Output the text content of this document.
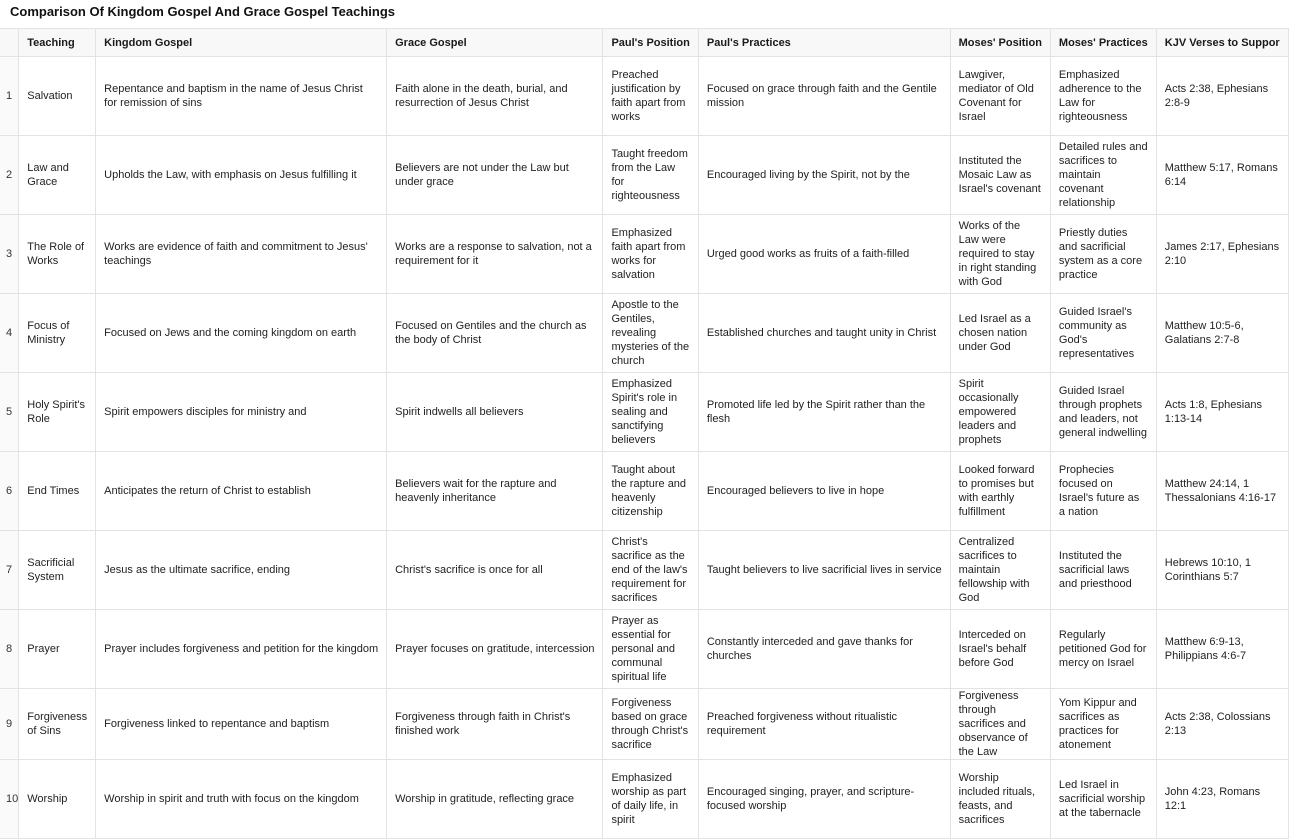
Comparison Of Kingdom Gospel And Grace Gospel Teachings
	Teaching	Kingdom Gospel	Grace Gospel	Paul's Position	Paul's Practices	Moses' Position	Moses' Practices	KJV Verses to Suppor
1	Salvation	Repentance and baptism in the name of Jesus Christ for remission of sins	Faith alone in the death, burial, and resurrection of Jesus Christ	Preached justification by faith apart from works	Focused on grace through faith and the Gentile mission	Lawgiver, mediator of Old Covenant for Israel	Emphasized adherence to the Law for righteousness	Acts 2:38, Ephesians 2:8-9

2	Law and Grace	Upholds the Law, with emphasis on Jesus fulfilling it	Believers are not under the Law but under grace	Taught freedom from the Law for righteousness	Encouraged living by the Spirit, not by the	Instituted the Mosaic Law as Israel's covenant	Detailed rules and sacrifices to maintain covenant relationship	Matthew 5:17, Romans 6:14

3	The Role of Works	Works are evidence of faith and commitment to Jesus' teachings	Works are a response to salvation, not a requirement for it	Emphasized faith apart from works for salvation	Urged good works as fruits of a faith-filled	Works of the Law were required to stay in right standing with God	Priestly duties and sacrificial system as a core practice	James 2:17, Ephesians 2:10

4	Focus of Ministry	Focused on Jews and the coming kingdom on earth	Focused on Gentiles and the church as the body of Christ	Apostle to the Gentiles, revealing mysteries of the church	Established churches and taught unity in Christ	Led Israel as a chosen nation under God	Guided Israel's community as God's representatives	Matthew 10:5-6, Galatians 2:7-8

5	Holy Spirit's Role	Spirit empowers disciples for ministry and	Spirit indwells all believers	Emphasized Spirit's role in sealing and sanctifying believers	Promoted life led by the Spirit rather than the flesh	Spirit occasionally empowered leaders and prophets	Guided Israel through prophets and leaders, not general indwelling	Acts 1:8, Ephesians 1:13-14

6	End Times	Anticipates the return of Christ to establish	Believers wait for the rapture and heavenly inheritance	Taught about the rapture and heavenly citizenship	Encouraged believers to live in hope	Looked forward to promises but with earthly fulfillment	Prophecies focused on Israel's future as a nation	Matthew 24:14, 1 Thessalonians 4:16-17

7	Sacrificial System	Jesus as the ultimate sacrifice, ending	Christ's sacrifice is once for all	Christ's sacrifice as the end of the law's requirement for sacrifices	Taught believers to live sacrificial lives in service	Centralized sacrifices to maintain fellowship with God	Instituted the sacrificial laws and priesthood	Hebrews 10:10, 1 Corinthians 5:7

8	Prayer	Prayer includes forgiveness and petition for the kingdom	Prayer focuses on gratitude, intercession	Prayer as essential for personal and communal spiritual life	Constantly interceded and gave thanks for churches	Interceded on Israel's behalf before God	Regularly petitioned God for mercy on Israel	Matthew 6:9-13, Philippians 4:6-7

9	Forgiveness of Sins	Forgiveness linked to repentance and baptism	Forgiveness through faith in Christ's finished work	Forgiveness based on grace through Christ's sacrifice	Preached forgiveness without ritualistic requirement	Forgiveness through sacrifices and observance of the Law	Yom Kippur and sacrifices as practices for atonement	Acts 2:38, Colossians 2:13

10	Worship	Worship in spirit and truth with focus on the kingdom	Worship in gratitude, reflecting grace	Emphasized worship as part of daily life, in spirit	Encouraged singing, prayer, and scripture-focused worship	Worship included rituals, feasts, and sacrifices	Led Israel in sacrificial worship at the tabernacle	John 4:23, Romans 12:1
